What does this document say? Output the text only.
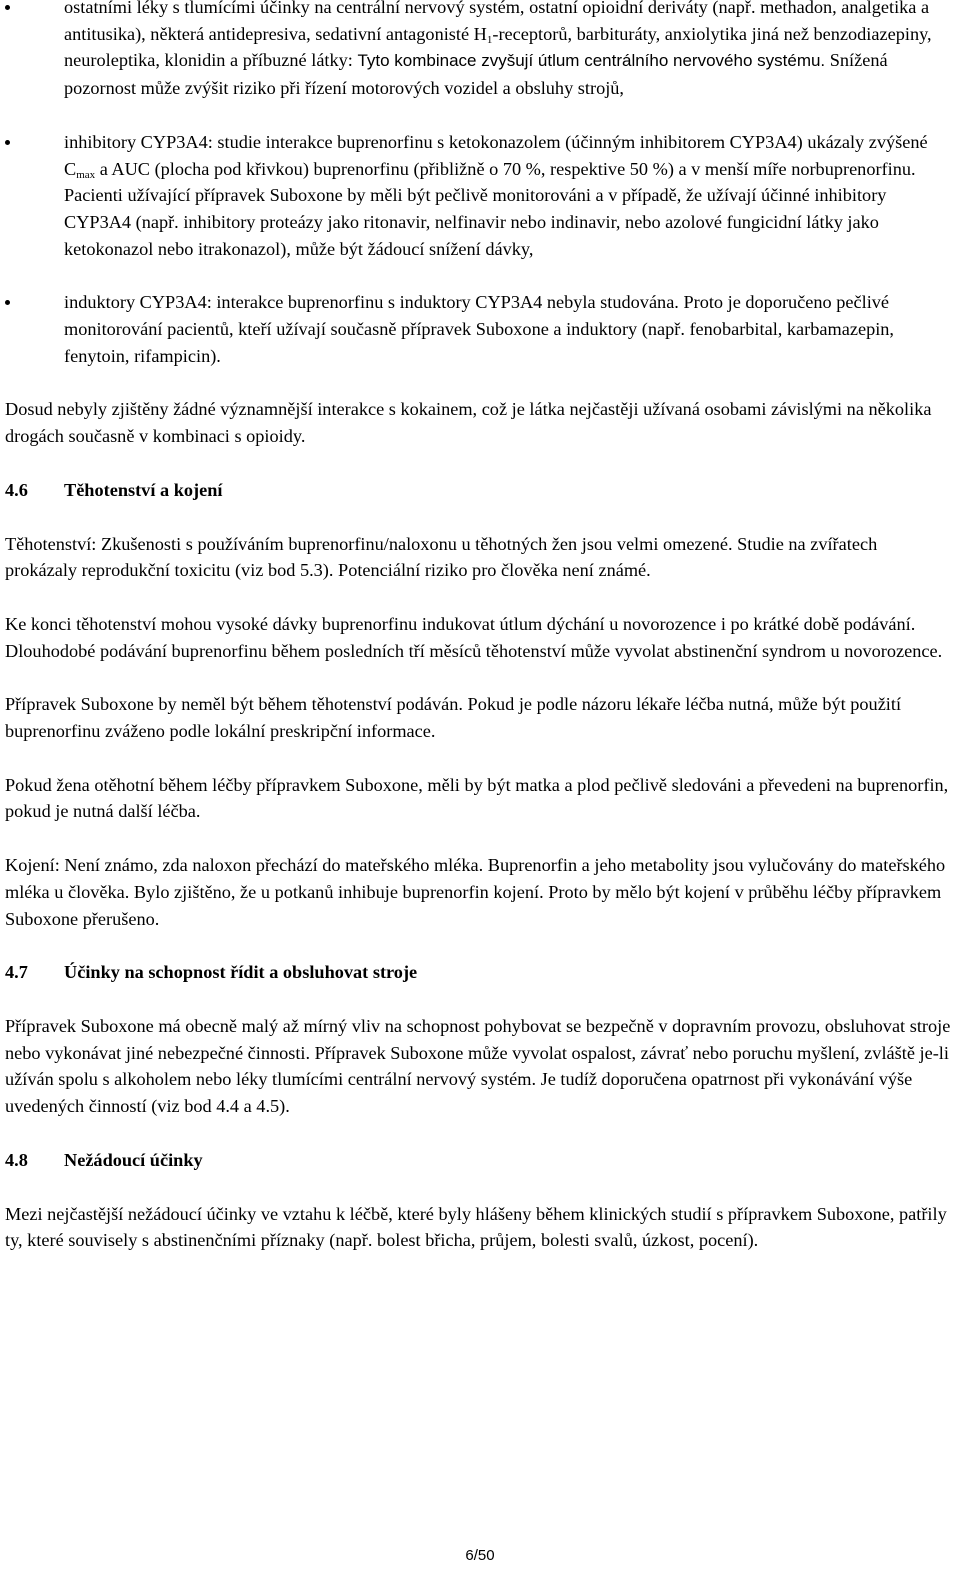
ostatními léky s tlumícími účinky na centrální nervový systém, ostatní opioidní deriváty (např. methadon, analgetika a antitusika), některá antidepresiva, sedativní antagonisté $H_1$-receptorů, barbituráty, anxiolytika jiná než benzodiazepiny, neuroleptika, klonidin a příbuzné látky: Tyto kombinace zvyšují útlum centrálního nervového systému. Snížená pozornost může zvýšit riziko při řízení motorových vozidel a obsluhy strojů,
inhibitory CYP3A4: studie interakce buprenorfinu s ketokonazolem (účinným inhibitorem CYP3A4) ukázaly zvýšené $C_{max}$ a AUC (plocha pod křivkou) buprenorfinu (přibližně o 70 %, respektive 50 %) a v menší míře norbuprenorfinu. Pacienti užívající přípravek Suboxone by měli být pečlivě monitorováni a v případě, že užívají účinné inhibitory CYP3A4 (např. inhibitory proteázy jako ritonavir, nelfinavir nebo indinavir, nebo azolové fungicidní látky jako ketokonazol nebo itrakonazol), může být žádoucí snížení dávky,
induktory CYP3A4: interakce buprenorfinu s induktory CYP3A4 nebyla studována. Proto je doporučeno pečlivé monitorování pacientů, kteří užívají současně přípravek Suboxone a induktory (např. fenobarbital, karbamazepin, fenytoin, rifampicin).

Dosud nebyly zjištěny žádné významnější interakce s kokainem, což je látka nejčastěji užívaná osobami závislými na několika drogách současně v kombinaci s opioidy.

4.6	Těhotenství a kojení

Těhotenství: Zkušenosti s používáním buprenorfinu/naloxonu u těhotných žen jsou velmi omezené. Studie na zvířatech prokázaly reprodukční toxicitu (viz bod 5.3). Potenciální riziko pro člověka není známé.

Ke konci těhotenství mohou vysoké dávky buprenorfinu indukovat útlum dýchání u novorozence i po krátké době podávání. Dlouhodobé podávání buprenorfinu během posledních tří měsíců těhotenství může vyvolat abstinenční syndrom u novorozence.

Přípravek Suboxone by neměl být během těhotenství podáván. Pokud je podle názoru lékaře léčba nutná, může být použití buprenorfinu zváženo podle lokální preskripční informace.

Pokud žena otěhotní během léčby přípravkem Suboxone, měli by být matka a plod pečlivě sledováni a převedeni na buprenorfin, pokud je nutná další léčba.

Kojení: Není známo, zda naloxon přechází do mateřského mléka. Buprenorfin a jeho metabolity jsou vylučovány do mateřského mléka u člověka. Bylo zjištěno, že u potkanů inhibuje buprenorfin kojení. Proto by mělo být kojení v průběhu léčby přípravkem Suboxone přerušeno.

4.7	Účinky na schopnost řídit a obsluhovat stroje

Přípravek Suboxone má obecně malý až mírný vliv na schopnost pohybovat se bezpečně v dopravním provozu, obsluhovat stroje nebo vykonávat jiné nebezpečné činnosti. Přípravek Suboxone může vyvolat ospalost, závrať nebo poruchu myšlení, zvláště je-li užíván spolu s alkoholem nebo léky tlumícími centrální nervový systém. Je tudíž doporučena opatrnost při vykonávání výše uvedených činností (viz bod 4.4 a 4.5).

4.8	Nežádoucí účinky

Mezi nejčastější nežádoucí účinky ve vztahu k léčbě, které byly hlášeny během klinických studií s přípravkem Suboxone, patřily ty, které souvisely s abstinenčními příznaky (např. bolest břicha, průjem, bolesti svalů, úzkost, pocení).

6/50
